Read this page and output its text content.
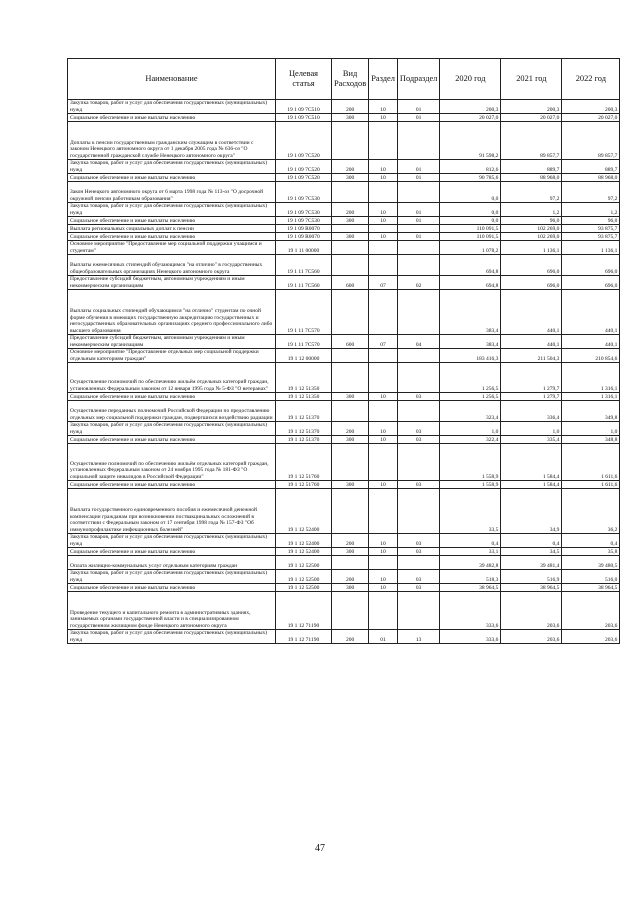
Наименование	Целевая статья	Вид Расходов	Раздел	Подраздел	2020 год	2021 год	2022 год
Закупка товаров, работ и услуг для обеспечения государственных (муниципальных) нужд	19 1 09 7С510	200	10	01	200,3	200,3	200,3
Социальное обеспечение и иные выплаты населению	19 1 09 7С510	300	10	01	20 027,0	20 027,0	20 027,0
Доплаты к пенсии государственным гражданским служащим в соответствии с законом Ненецкого автономного округа от 1 декабря 2005 года № 636-оз "О государственной гражданской службе Ненецкого автономного округа"	19 1 09 7С520				91 598,2	89 857,7	89 857,7
Закупка товаров, работ и услуг для обеспечения государственных (муниципальных) нужд	19 1 09 7С520	200	10	01	812,6	889,7	889,7
Социальное обеспечение и иные выплаты населению	19 1 09 7С520	300	10	01	90 785,6	88 968,0	88 968,0
Закон Ненецкого автономного округа от 6 марта 1998 года № 113-оз "О досрочной окружной пенсии работникам образования"	19 1 09 7С530				0,0	97,2	97,2
Закупка товаров, работ и услуг для обеспечения государственных (муниципальных) нужд	19 1 09 7С530	200	10	01	0,0	1,2	1,2
Социальное обеспечение и иные выплаты населению	19 1 09 7С530	300	10	01	0,0	96,0	96,0
Выплата региональных социальных доплат к пенсии	19 1 09 R0070				110 091,5	102 269,0	93 875,7
Социальное обеспечение и иные выплаты населению	19 1 09 R0070	300	10	01	110 091,5	102 269,0	93 875,7
Основное мероприятие "Предоставление мер социальной поддержки учащимся и студентам"	19 1 11 00000				1 078,2	1 136,1	1 136,1
Выплаты ежемесячных стипендий обучающимся "на отлично" в государственных общеобразовательных организациях Ненецкого автономного округа	19 1 11 7С560				694,8	696,0	696,0
Предоставление субсидий бюджетным, автономным учреждениям и иным некоммерческим организациям	19 1 11 7С560	600	07	02	694,8	696,0	696,0
Выплаты социальных стипендий обучающимся "на отлично" студентам по очной форме обучения в имеющих государственную аккредитацию государственных и негосударственных образовательных организациях среднего профессионального либо высшего образования	19 1 11 7С570				383,4	440,1	440,1
Предоставление субсидий бюджетным, автономным учреждениям и иным некоммерческим организациям	19 1 11 7С570	600	07	04	383,4	440,1	440,1
Основное мероприятие "Предоставление отдельных мер социальной поддержки отдельным категориям граждан"	19 1 12 00000				183 416,3	211 504,3	210 854,6
Осуществление полномочий по обеспечению жильём отдельных категорий граждан, установленных Федеральным законом от 12 января 1995 года № 5-ФЗ "О ветеранах"	19 1 12 51350				1 256,5	1 279,7	1 316,1
Социальное обеспечение и иные выплаты населению	19 1 12 51350	300	10	03	1 256,5	1 279,7	1 316,1
Осуществление переданных полномочий Российской Федерации по предоставлению отдельных мер социальной поддержки граждан, подвергшихся воздействию радиации	19 1 12 51370				323,4	336,4	349,8
Закупка товаров, работ и услуг для обеспечения государственных (муниципальных) нужд	19 1 12 51370	200	10	03	1,0	1,0	1,0
Социальное обеспечение и иные выплаты населению	19 1 12 51370	300	10	03	322,4	335,4	348,8
Осуществление полномочий по обеспечению жильём отдельных категорий граждан, установленных Федеральным законом от 24 ноября 1995 года № 181-ФЗ "О социальной защите инвалидов в Российской Федерации"	19 1 12 51760				1 558,9	1 584,4	1 611,6
Социальное обеспечение и иные выплаты населению	19 1 12 51760	300	10	03	1 558,9	1 584,4	1 611,6
Выплата государственного единовременного пособия и ежемесячной денежной компенсации гражданам при возникновении поствакцинальных осложнений в соответствии с Федеральным законом от 17 сентября 1998 года № 157-ФЗ "Об иммунопрофилактике инфекционных болезней"	19 1 12 52400				33,5	34,9	36,2
Закупка товаров, работ и услуг для обеспечения государственных (муниципальных) нужд	19 1 12 52400	200	10	03	0,4	0,4	0,4
Социальное обеспечение и иные выплаты населению	19 1 12 52400	300	10	03	33,1	34,5	35,8
Оплата жилищно-коммунальных услуг отдельным категориям граждан	19 1 12 52500				39 482,8	39 481,4	39 480,5
Закупка товаров, работ и услуг для обеспечения государственных (муниципальных) нужд	19 1 12 52500	200	10	03	518,3	516,9	516,0
Социальное обеспечение и иные выплаты населению	19 1 12 52500	300	10	03	38 964,5	38 964,5	38 964,5
Проведение текущего и капитального ремонта в административных зданиях, занимаемых органами государственной власти и в специализированном государственном жилищном фонде Ненецкого автономного округа	19 1 12 71190				333,6	203,6	203,6
Закупка товаров, работ и услуг для обеспечения государственных (муниципальных) нужд	19 1 12 71190	200	01	13	333,6	203,6	203,6
47
